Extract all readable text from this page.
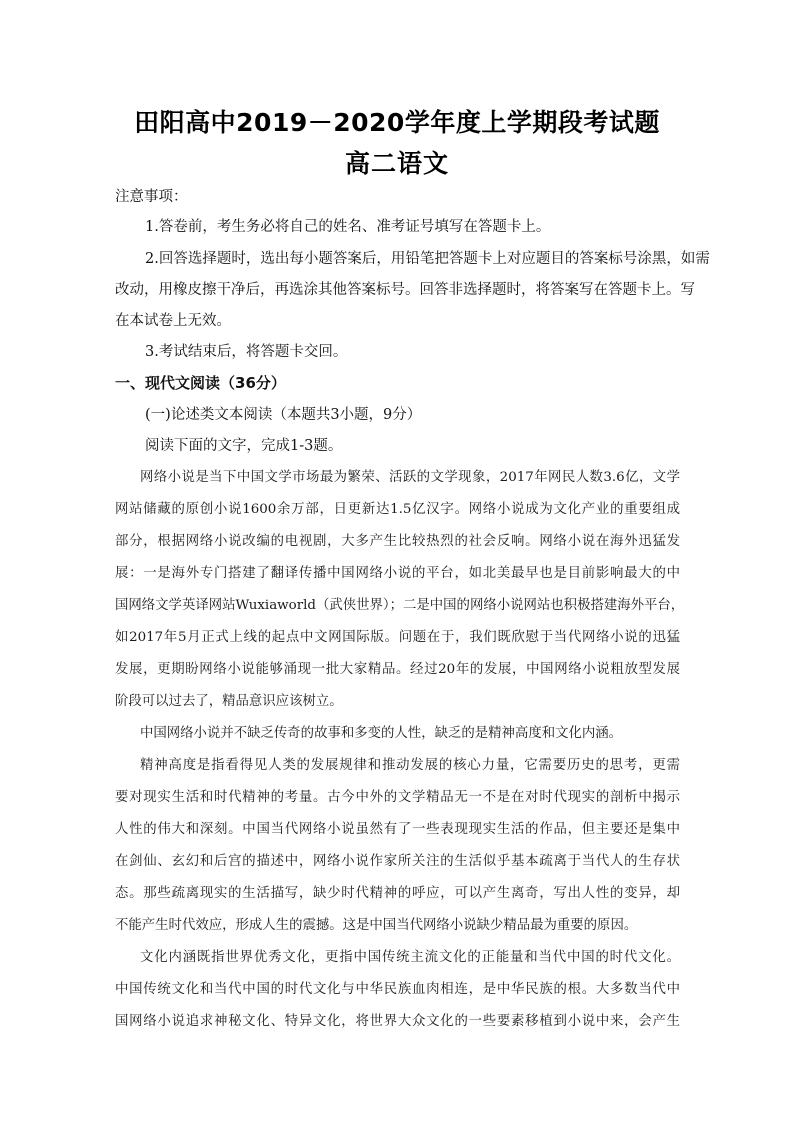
田阳高中2019－2020学年度上学期段考试题
高二语文
注意事项：
1.答卷前，考生务必将自己的姓名、准考证号填写在答题卡上。
2.回答选择题时，选出每小题答案后，用铅笔把答题卡上对应题目的答案标号涂黑，如需
改动，用橡皮擦干净后，再选涂其他答案标号。回答非选择题时，将答案写在答题卡上。写
在本试卷上无效。
3.考试结束后，将答题卡交回。
一、现代文阅读（36分）
(一)论述类文本阅读（本题共3小题，9分）
阅读下面的文字，完成1-3题。
网络小说是当下中国文学市场最为繁荣、活跃的文学现象，2017年网民人数3.6亿，文学
网站储藏的原创小说1600余万部，日更新达1.5亿汉字。网络小说成为文化产业的重要组成
部分，根据网络小说改编的电视剧，大多产生比较热烈的社会反响。网络小说在海外迅猛发
展：一是海外专门搭建了翻译传播中国网络小说的平台，如北美最早也是目前影响最大的中
国网络文学英译网站Wuxiaworld（武侠世界）；二是中国的网络小说网站也积极搭建海外平台，
如2017年5月正式上线的起点中文网国际版。问题在于，我们既欣慰于当代网络小说的迅猛
发展，更期盼网络小说能够涌现一批大家精品。经过20年的发展，中国网络小说粗放型发展
阶段可以过去了，精品意识应该树立。
中国网络小说并不缺乏传奇的故事和多变的人性，缺乏的是精神高度和文化内涵。
精神高度是指看得见人类的发展规律和推动发展的核心力量，它需要历史的思考，更需
要对现实生活和时代精神的考量。古今中外的文学精品无一不是在对时代现实的剖析中揭示
人性的伟大和深刻。中国当代网络小说虽然有了一些表现现实生活的作品，但主要还是集中
在剑仙、玄幻和后宫的描述中，网络小说作家所关注的生活似乎基本疏离于当代人的生存状
态。那些疏离现实的生活描写，缺少时代精神的呼应，可以产生离奇，写出人性的变异，却
不能产生时代效应，形成人生的震撼。这是中国当代网络小说缺少精品最为重要的原因。
文化内涵既指世界优秀文化，更指中国传统主流文化的正能量和当代中国的时代文化。
中国传统文化和当代中国的时代文化与中华民族血肉相连，是中华民族的根。大多数当代中
国网络小说追求神秘文化、特异文化，将世界大众文化的一些要素移植到小说中来，会产生
